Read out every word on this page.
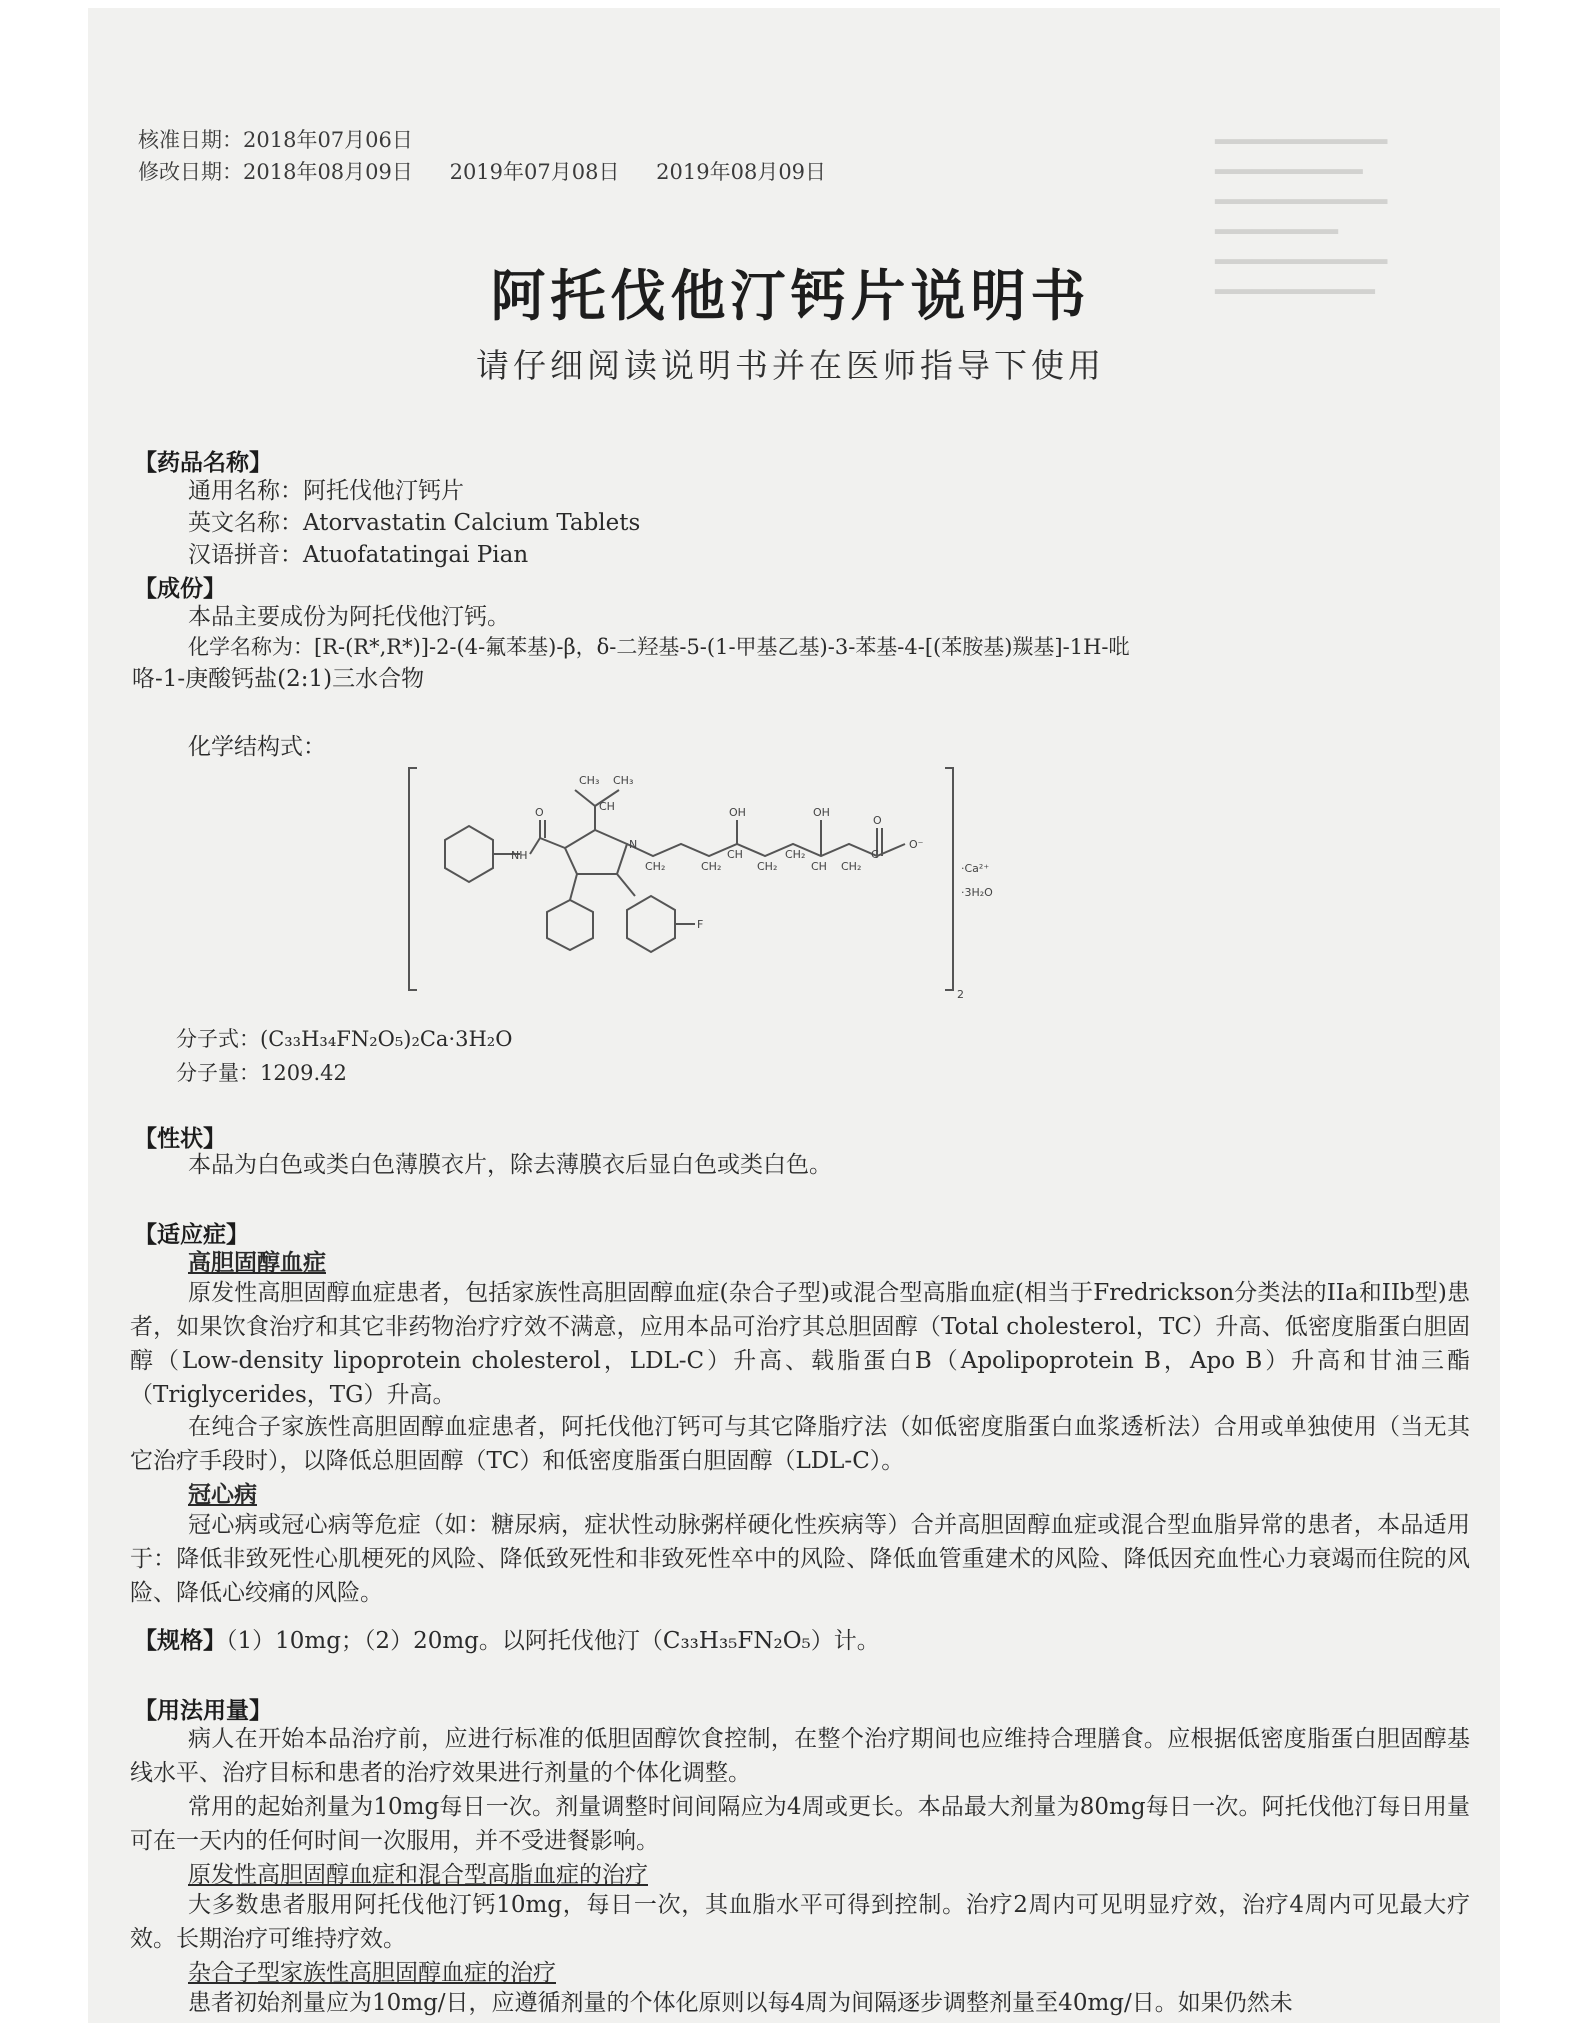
▂▂▂▂▂▂▂▂▂▂▂▂▂▂
▂▂▂▂▂▂▂▂▂▂▂▂
▂▂▂▂▂▂▂▂▂▂▂▂▂▂
▂▂▂▂▂▂▂▂▂▂
▂▂▂▂▂▂▂▂▂▂▂▂▂▂
▂▂▂▂▂▂▂▂▂▂▂▂▂
核准日期：2018年07月06日
修改日期：2018年08月09日 2019年07月08日 2019年08月09日
阿托伐他汀钙片说明书
请仔细阅读说明书并在医师指导下使用
【药品名称】
通用名称：阿托伐他汀钙片
英文名称：Atorvastatin Calcium Tablets
汉语拼音：Atuofatatingai Pian
【成份】
本品主要成份为阿托伐他汀钙。
化学名称为：[R-(R*,R*)]-2-(4-氟苯基)-β，δ-二羟基-5-(1-甲基乙基)-3-苯基-4-[(苯胺基)羰基]-1H-吡
咯-1-庚酸钙盐(2:1)三水合物
化学结构式：
CH₃ CH₃
CH
O
NH
N
F
OH	OH
CH₂	CH₂	CH₂	CH₂
CH
CH
CH₂	C
O
O⁻
·Ca²⁺
·3H₂O
2
分子式：(C₃₃H₃₄FN₂O₅)₂Ca·3H₂O
分子量：1209.42
【性状】
本品为白色或类白色薄膜衣片，除去薄膜衣后显白色或类白色。
【适应症】
高胆固醇血症
原发性高胆固醇血症患者，包括家族性高胆固醇血症(杂合子型)或混合型高脂血症(相当于Fredrickson分类法的IIa和IIb型)患者，如果饮食治疗和其它非药物治疗疗效不满意，应用本品可治疗其总胆固醇（Total cholesterol，TC）升高、低密度脂蛋白胆固醇（Low-density lipoprotein cholesterol，LDL-C）升高、载脂蛋白B（Apolipoprotein B，Apo B）升高和甘油三酯（Triglycerides，TG）升高。
在纯合子家族性高胆固醇血症患者，阿托伐他汀钙可与其它降脂疗法（如低密度脂蛋白血浆透析法）合用或单独使用（当无其它治疗手段时），以降低总胆固醇（TC）和低密度脂蛋白胆固醇（LDL-C）。
冠心病
冠心病或冠心病等危症（如：糖尿病，症状性动脉粥样硬化性疾病等）合并高胆固醇血症或混合型血脂异常的患者，本品适用于：降低非致死性心肌梗死的风险、降低致死性和非致死性卒中的风险、降低血管重建术的风险、降低因充血性心力衰竭而住院的风险、降低心绞痛的风险。
【规格】（1）10mg；（2）20mg。以阿托伐他汀（C₃₃H₃₅FN₂O₅）计。
【用法用量】
病人在开始本品治疗前，应进行标准的低胆固醇饮食控制，在整个治疗期间也应维持合理膳食。应根据低密度脂蛋白胆固醇基线水平、治疗目标和患者的治疗效果进行剂量的个体化调整。
常用的起始剂量为10mg每日一次。剂量调整时间间隔应为4周或更长。本品最大剂量为80mg每日一次。阿托伐他汀每日用量可在一天内的任何时间一次服用，并不受进餐影响。
原发性高胆固醇血症和混合型高脂血症的治疗
大多数患者服用阿托伐他汀钙10mg，每日一次，其血脂水平可得到控制。治疗2周内可见明显疗效，治疗4周内可见最大疗效。长期治疗可维持疗效。
杂合子型家族性高胆固醇血症的治疗
患者初始剂量应为10mg/日，应遵循剂量的个体化原则以每4周为间隔逐步调整剂量至40mg/日。如果仍然未
